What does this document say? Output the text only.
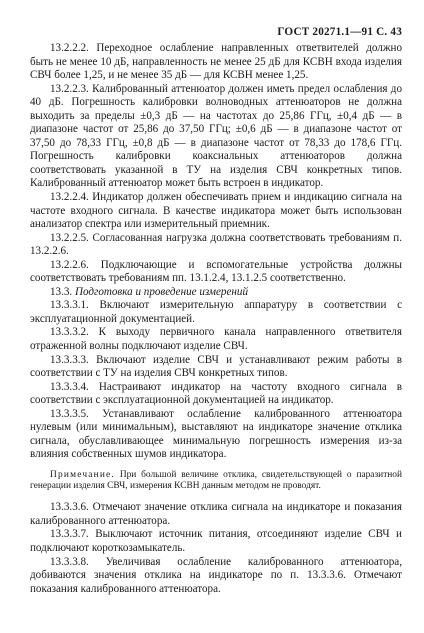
ГОСТ 20271.1—91 С. 43

13.2.2.2. Переходное ослабление направленных ответвителей должно быть не менее 10 дБ, направленность не менее 25 дБ для КСВН входа изделия СВЧ более 1,25, и не менее 35 дБ — для КСВН менее 1,25.

13.2.2.3. Калиброванный аттенюатор должен иметь предел ослабления до 40 дБ. Погрешность калибровки волноводных аттенюаторов не должна выходить за пределы ±0,3 дБ — на частотах до 25,86 ГГц, ±0,4 дБ — в диапазоне частот от 25,86 до 37,50 ГГц; ±0,6 дБ — в диапазоне частот от 37,50 до 78,33 ГГц, ±0,8 дБ — в диапазоне частот от 78,33 до 178,6 ГГц. Погрешность калибровки коаксиальных аттенюаторов должна соответствовать указанной в ТУ на изделия СВЧ конкретных типов. Калиброванный аттенюатор может быть встроен в индикатор.

13.2.2.4. Индикатор должен обеспечивать прием и индикацию сигнала на частоте входного сигнала. В качестве индикатора может быть использован анализатор спектра или измерительный приемник.

13.2.2.5. Согласованная нагрузка должна соответствовать требованиям п. 13.2.2.6.

13.2.2.6. Подключающие и вспомогательные устройства должны соответствовать требованиям пп. 13.1.2.4, 13.1.2.5 соответственно.

13.3. Подготовка и проведение измерений

13.3.3.1. Включают измерительную аппаратуру в соответствии с эксплуатационной документацией.

13.3.3.2. К выходу первичного канала направленного ответвителя отраженной волны подключают изделие СВЧ.

13.3.3.3. Включают изделие СВЧ и устанавливают режим работы в соответствии с ТУ на изделия СВЧ конкретных типов.

13.3.3.4. Настраивают индикатор на частоту входного сигнала в соответствии с эксплуатационной документацией на индикатор.

13.3.3.5. Устанавливают ослабление калиброванного аттенюатора нулевым (или минимальным), выставляют на индикаторе значение отклика сигнала, обуславливающее минимальную погрешность измерения из-за влияния собственных шумов индикатора.

Примечание. При большой величине отклика, свидетельствующей о паразитной генерации изделия СВЧ, измерения КСВН данным методом не проводят.

13.3.3.6. Отмечают значение отклика сигнала на индикаторе и показания калиброванного аттенюатора.

13.3.3.7. Выключают источник питания, отсоединяют изделие СВЧ и подключают короткозамыкатель.

13.3.3.8. Увеличивая ослабление калиброванного аттенюатора, добиваются значения отклика на индикаторе по п. 13.3.3.6. Отмечают показания калиброванного аттенюатора.
